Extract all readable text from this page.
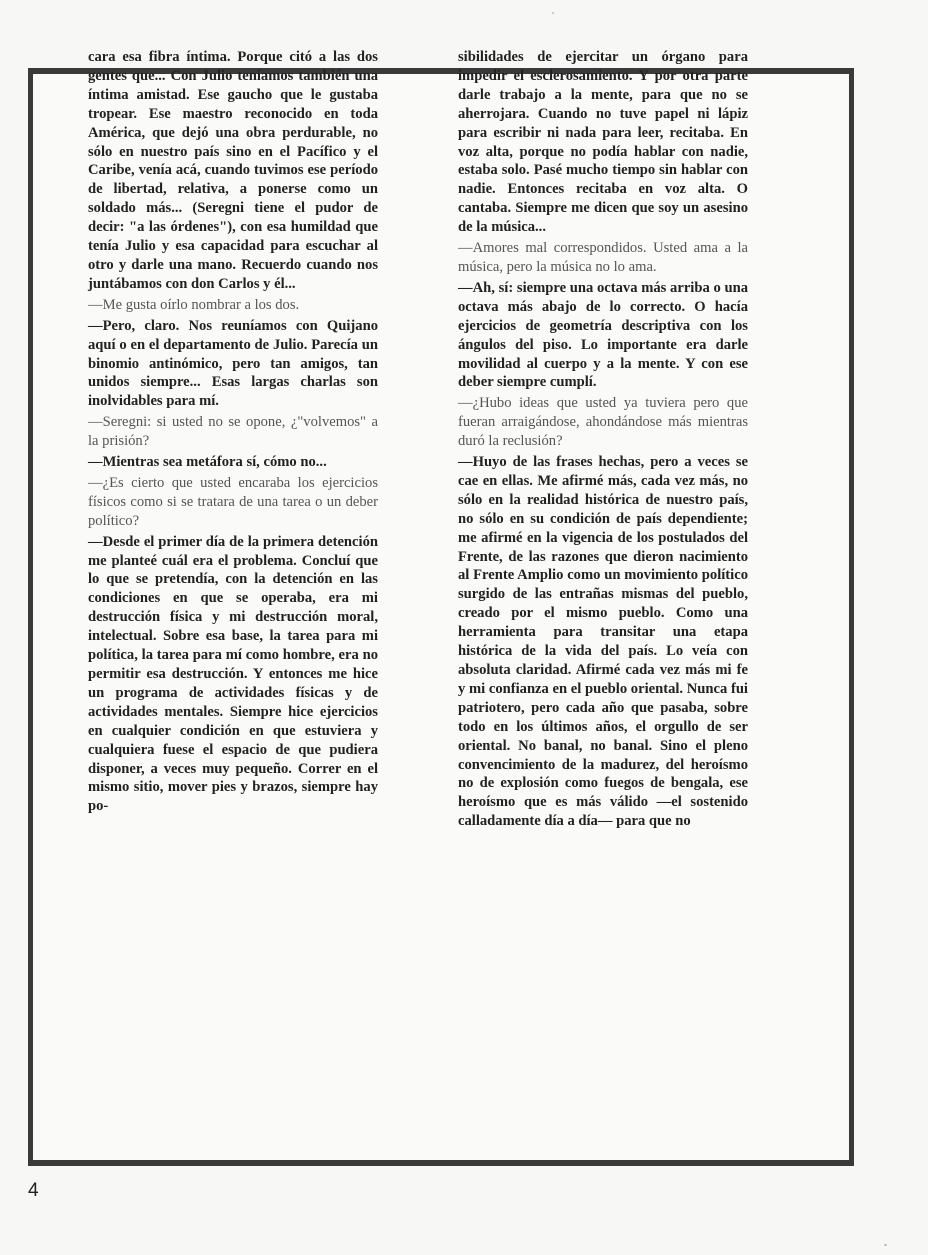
cara esa fibra íntima. Porque citó a las dos gentes que... Con Julio teníamos también una íntima amistad. Ese gaucho que le gustaba tropear. Ese maestro reconocido en toda América, que dejó una obra perdurable, no sólo en nuestro país sino en el Pacífico y el Caribe, venía acá, cuando tuvimos ese período de libertad, relativa, a ponerse como un soldado más... (Seregni tiene el pudor de decir: "a las órdenes"), con esa humildad que tenía Julio y esa capacidad para escuchar al otro y darle una mano. Recuerdo cuando nos juntábamos con don Carlos y él...

—Me gusta oírlo nombrar a los dos.

—Pero, claro. Nos reuníamos con Quijano aquí o en el departamento de Julio. Parecía un binomio antinómico, pero tan amigos, tan unidos siempre... Esas largas charlas son inolvidables para mí.

—Seregni: si usted no se opone, ¿"volvemos" a la prisión?

—Mientras sea metáfora sí, cómo no...

—¿Es cierto que usted encaraba los ejercicios físicos como si se tratara de una tarea o un deber político?

—Desde el primer día de la primera detención me planteé cuál era el problema. Concluí que lo que se pretendía, con la detención en las condiciones en que se operaba, era mi destrucción física y mi destrucción moral, intelectual. Sobre esa base, la tarea para mi política, la tarea para mí como hombre, era no permitir esa destrucción. Y entonces me hice un programa de actividades físicas y de actividades mentales. Siempre hice ejercicios en cualquier condición en que estuviera y cualquiera fuese el espacio de que pudiera disponer, a veces muy pequeño. Correr en el mismo sitio, mover pies y brazos, siempre hay po-

sibilidades de ejercitar un órgano para impedir el esclerosamiento. Y por otra parte darle trabajo a la mente, para que no se aherrojara. Cuando no tuve papel ni lápiz para escribir ni nada para leer, recitaba. En voz alta, porque no podía hablar con nadie, estaba solo. Pasé mucho tiempo sin hablar con nadie. Entonces recitaba en voz alta. O cantaba. Siempre me dicen que soy un asesino de la música...

—Amores mal correspondidos. Usted ama a la música, pero la música no lo ama.

—Ah, sí: siempre una octava más arriba o una octava más abajo de lo correcto. O hacía ejercicios de geometría descriptiva con los ángulos del piso. Lo importante era darle movilidad al cuerpo y a la mente. Y con ese deber siempre cumplí.

—¿Hubo ideas que usted ya tuviera pero que fueran arraigándose, ahondándose más mientras duró la reclusión?

—Huyo de las frases hechas, pero a veces se cae en ellas. Me afirmé más, cada vez más, no sólo en la realidad histórica de nuestro país, no sólo en su condición de país dependiente; me afirmé en la vigencia de los postulados del Frente, de las razones que dieron nacimiento al Frente Amplio como un movimiento político surgido de las entrañas mismas del pueblo, creado por el mismo pueblo. Como una herramienta para transitar una etapa histórica de la vida del país. Lo veía con absoluta claridad. Afirmé cada vez más mi fe y mi confianza en el pueblo oriental. Nunca fui patriotero, pero cada año que pasaba, sobre todo en los últimos años, el orgullo de ser oriental. No banal, no banal. Sino el pleno convencimiento de la madurez, del heroísmo no de explosión como fuegos de bengala, ese heroísmo que es más válido —el sostenido calladamente día a día— para que no

4
